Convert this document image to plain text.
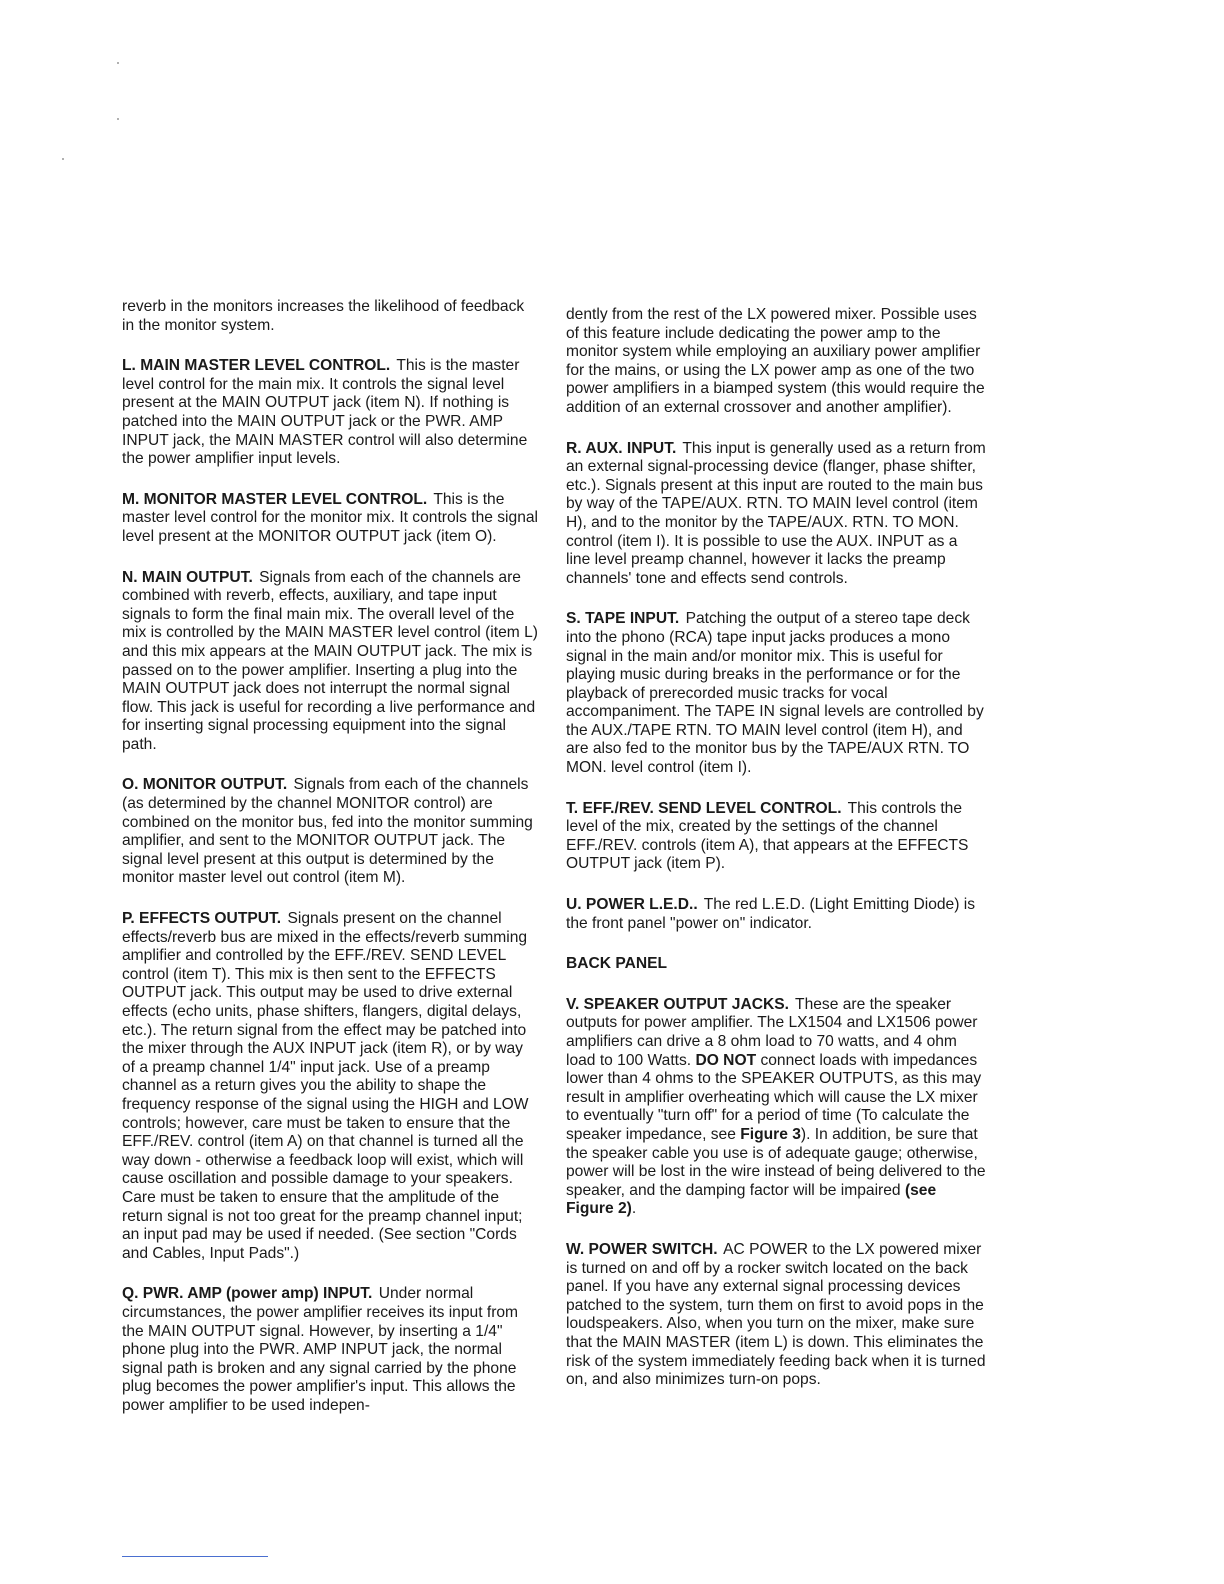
reverb in the monitors increases the likelihood of feedback in the monitor system.

L. MAIN MASTER LEVEL CONTROL. This is the master level control for the main mix. It controls the signal level present at the MAIN OUTPUT jack (item N). If nothing is patched into the MAIN OUTPUT jack or the PWR. AMP INPUT jack, the MAIN MASTER control will also determine the power amplifier input levels.

M. MONITOR MASTER LEVEL CONTROL. This is the master level control for the monitor mix. It controls the signal level present at the MONITOR OUTPUT jack (item O).

N. MAIN OUTPUT. Signals from each of the channels are combined with reverb, effects, auxiliary, and tape input signals to form the final main mix. The overall level of the mix is controlled by the MAIN MASTER level control (item L) and this mix appears at the MAIN OUTPUT jack. The mix is passed on to the power amplifier. Inserting a plug into the MAIN OUTPUT jack does not interrupt the normal signal flow. This jack is useful for recording a live performance and for inserting signal processing equipment into the signal path.

O. MONITOR OUTPUT. Signals from each of the channels (as determined by the channel MONITOR control) are combined on the monitor bus, fed into the monitor summing amplifier, and sent to the MONITOR OUTPUT jack. The signal level present at this output is determined by the monitor master level out control (item M).

P. EFFECTS OUTPUT. Signals present on the channel effects/reverb bus are mixed in the effects/reverb summing amplifier and controlled by the EFF./REV. SEND LEVEL control (item T). This mix is then sent to the EFFECTS OUTPUT jack. This output may be used to drive external effects (echo units, phase shifters, flangers, digital delays, etc.). The return signal from the effect may be patched into the mixer through the AUX INPUT jack (item R), or by way of a preamp channel 1/4" input jack. Use of a preamp channel as a return gives you the ability to shape the frequency response of the signal using the HIGH and LOW controls; however, care must be taken to ensure that the EFF./REV. control (item A) on that channel is turned all the way down - otherwise a feedback loop will exist, which will cause oscillation and possible damage to your speakers. Care must be taken to ensure that the amplitude of the return signal is not too great for the preamp channel input; an input pad may be used if needed. (See section "Cords and Cables, Input Pads".)

Q. PWR. AMP (power amp) INPUT. Under normal circumstances, the power amplifier receives its input from the MAIN OUTPUT signal. However, by inserting a 1/4" phone plug into the PWR. AMP INPUT jack, the normal signal path is broken and any signal carried by the phone plug becomes the power amplifier's input. This allows the power amplifier to be used indepen-

dently from the rest of the LX powered mixer. Possible uses of this feature include dedicating the power amp to the monitor system while employing an auxiliary power amplifier for the mains, or using the LX power amp as one of the two power amplifiers in a biamped system (this would require the addition of an external crossover and another amplifier).

R. AUX. INPUT. This input is generally used as a return from an external signal-processing device (flanger, phase shifter, etc.). Signals present at this input are routed to the main bus by way of the TAPE/AUX. RTN. TO MAIN level control (item H), and to the monitor by the TAPE/AUX. RTN. TO MON. control (item I). It is possible to use the AUX. INPUT as a line level preamp channel, however it lacks the preamp channels' tone and effects send controls.

S. TAPE INPUT. Patching the output of a stereo tape deck into the phono (RCA) tape input jacks produces a mono signal in the main and/or monitor mix. This is useful for playing music during breaks in the performance or for the playback of prerecorded music tracks for vocal accompaniment. The TAPE IN signal levels are controlled by the AUX./TAPE RTN. TO MAIN level control (item H), and are also fed to the monitor bus by the TAPE/AUX RTN. TO MON. level control (item I).

T. EFF./REV. SEND LEVEL CONTROL. This controls the level of the mix, created by the settings of the channel EFF./REV. controls (item A), that appears at the EFFECTS OUTPUT jack (item P).

U. POWER L.E.D.. The red L.E.D. (Light Emitting Diode) is the front panel "power on" indicator.

BACK PANEL

V. SPEAKER OUTPUT JACKS. These are the speaker outputs for power amplifier. The LX1504 and LX1506 power amplifiers can drive a 8 ohm load to 70 watts, and 4 ohm load to 100 Watts. DO NOT connect loads with impedances lower than 4 ohms to the SPEAKER OUTPUTS, as this may result in amplifier overheating which will cause the LX mixer to eventually "turn off" for a period of time (To calculate the speaker impedance, see Figure 3). In addition, be sure that the speaker cable you use is of adequate gauge; otherwise, power will be lost in the wire instead of being delivered to the speaker, and the damping factor will be impaired (see Figure 2).

W. POWER SWITCH. AC POWER to the LX powered mixer is turned on and off by a rocker switch located on the back panel. If you have any external signal processing devices patched to the system, turn them on first to avoid pops in the loudspeakers. Also, when you turn on the mixer, make sure that the MAIN MASTER (item L) is down. This eliminates the risk of the system immediately feeding back when it is turned on, and also minimizes turn-on pops.
